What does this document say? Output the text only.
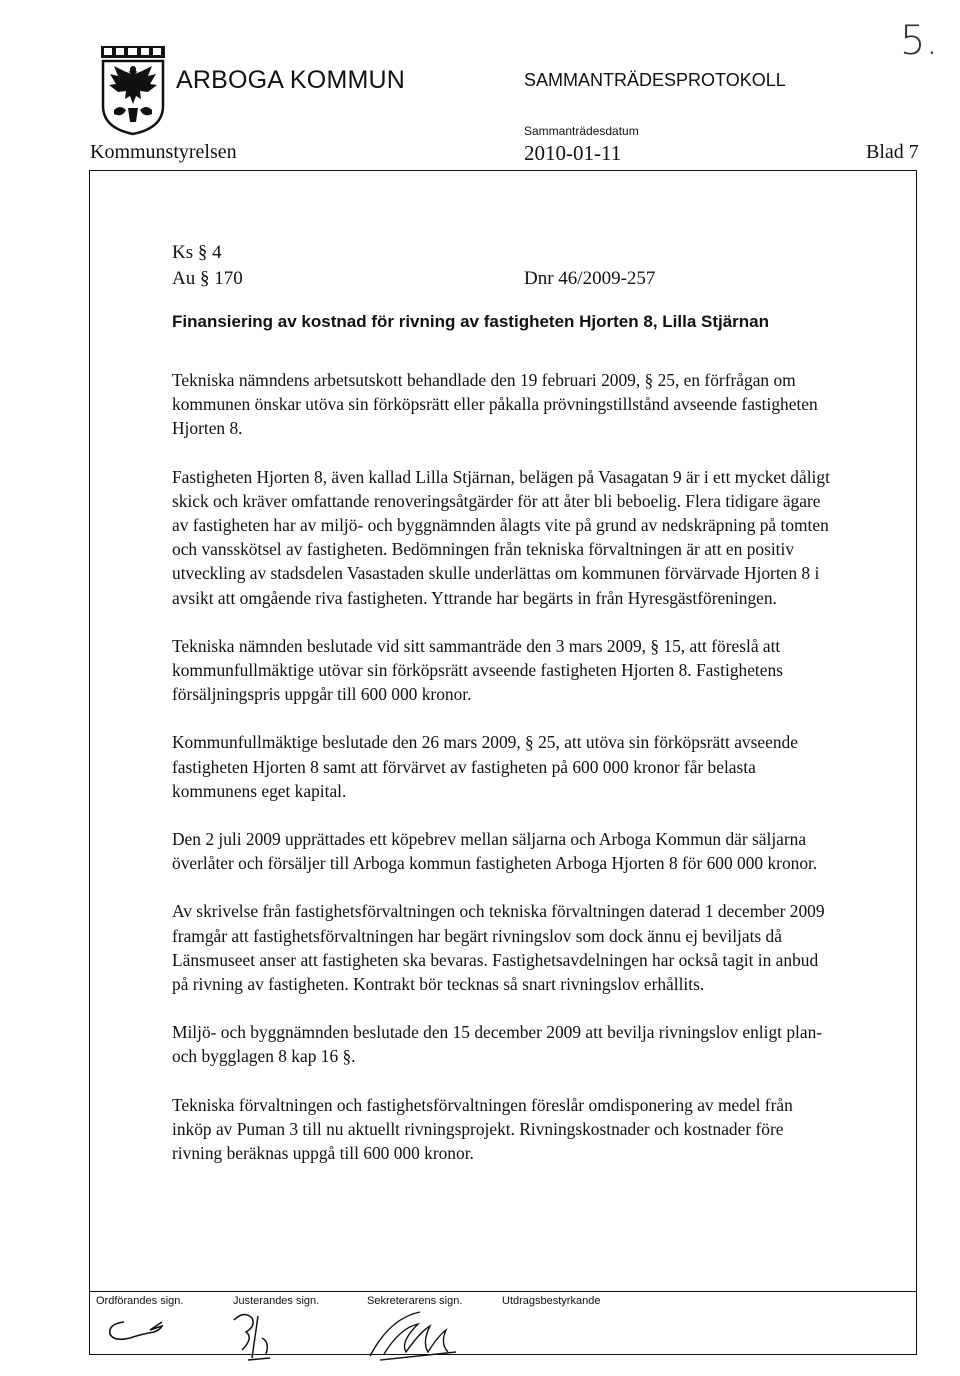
ARBOGA KOMMUN	SAMMANTRÄDESPROTOKOLL
Sammanträdesdatum
Kommunstyrelsen	2010-01-11	Blad 7
5.
Ks § 4
Au § 170	Dnr 46/2009-257
Finansiering av kostnad för rivning av fastigheten Hjorten 8, Lilla Stjärnan

Tekniska nämndens arbetsutskott behandlade den 19 februari 2009, § 25, en förfrågan om kommunen önskar utöva sin förköpsrätt eller påkalla prövningstillstånd avseende fastigheten Hjorten 8.

Fastigheten Hjorten 8, även kallad Lilla Stjärnan, belägen på Vasagatan 9 är i ett mycket dåligt skick och kräver omfattande renoveringsåtgärder för att åter bli beboelig. Flera tidigare ägare av fastigheten har av miljö- och byggnämnden ålagts vite på grund av nedskräpning på tomten och vansskötsel av fastigheten. Bedömningen från tekniska förvaltningen är att en positiv utveckling av stadsdelen Vasastaden skulle underlättas om kommunen förvärvade Hjorten 8 i avsikt att omgående riva fastigheten. Yttrande har begärts in från Hyresgästföreningen.

Tekniska nämnden beslutade vid sitt sammanträde den 3 mars 2009, § 15, att föreslå att kommunfullmäktige utövar sin förköpsrätt avseende fastigheten Hjorten 8. Fastighetens försäljningspris uppgår till 600 000 kronor.

Kommunfullmäktige beslutade den 26 mars 2009, § 25, att utöva sin förköpsrätt avseende fastigheten Hjorten 8 samt att förvärvet av fastigheten på 600 000 kronor får belasta kommunens eget kapital.

Den 2 juli 2009 upprättades ett köpebrev mellan säljarna och Arboga Kommun där säljarna överlåter och försäljer till Arboga kommun fastigheten Arboga Hjorten 8 för 600 000 kronor.

Av skrivelse från fastighetsförvaltningen och tekniska förvaltningen daterad 1 december 2009 framgår att fastighetsförvaltningen har begärt rivningslov som dock ännu ej beviljats då Länsmuseet anser att fastigheten ska bevaras. Fastighetsavdelningen har också tagit in anbud på rivning av fastigheten. Kontrakt bör tecknas så snart rivningslov erhållits.

Miljö- och byggnämnden beslutade den 15 december 2009 att bevilja rivningslov enligt plan- och bygglagen 8 kap 16 §.

Tekniska förvaltningen och fastighetsförvaltningen föreslår omdisponering av medel från inköp av Puman 3 till nu aktuellt rivningsprojekt. Rivningskostnader och kostnader före rivning beräknas uppgå till 600 000 kronor.

Ordförandes sign.	Justerandes sign.	Sekreterarens sign.	Utdragsbestyrkande
